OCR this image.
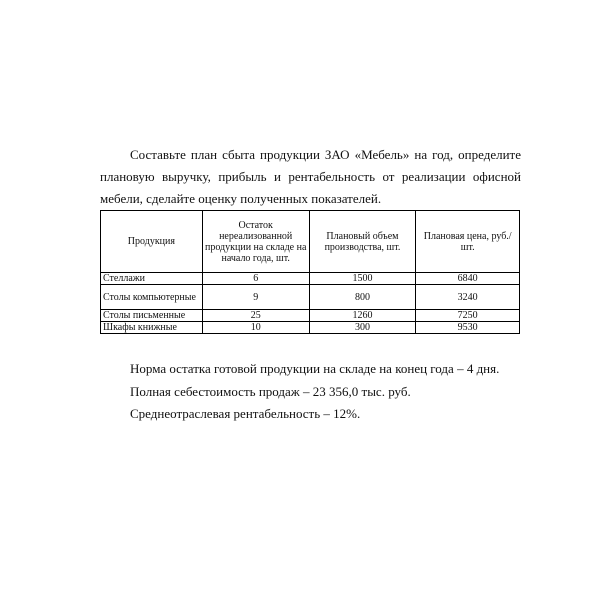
Составьте план сбыта продукции ЗАО «Мебель» на год, определите плановую выручку, прибыль и рентабельность от реализации офисной мебели, сделайте оценку полученных показателей.

Продукция	Остаток нереализованной продукции на складе на начало года, шт.	Плановый объем производства, шт.	Плановая цена, руб./шт.
Стеллажи	6	1500	6840
Столы компьютерные	9	800	3240
Столы письменные	25	1260	7250
Шкафы книжные	10	300	9530

Норма остатка готовой продукции на складе на конец года – 4 дня.

Полная себестоимость продаж – 23 356,0 тыс. руб.

Среднеотраслевая рентабельность – 12%.
